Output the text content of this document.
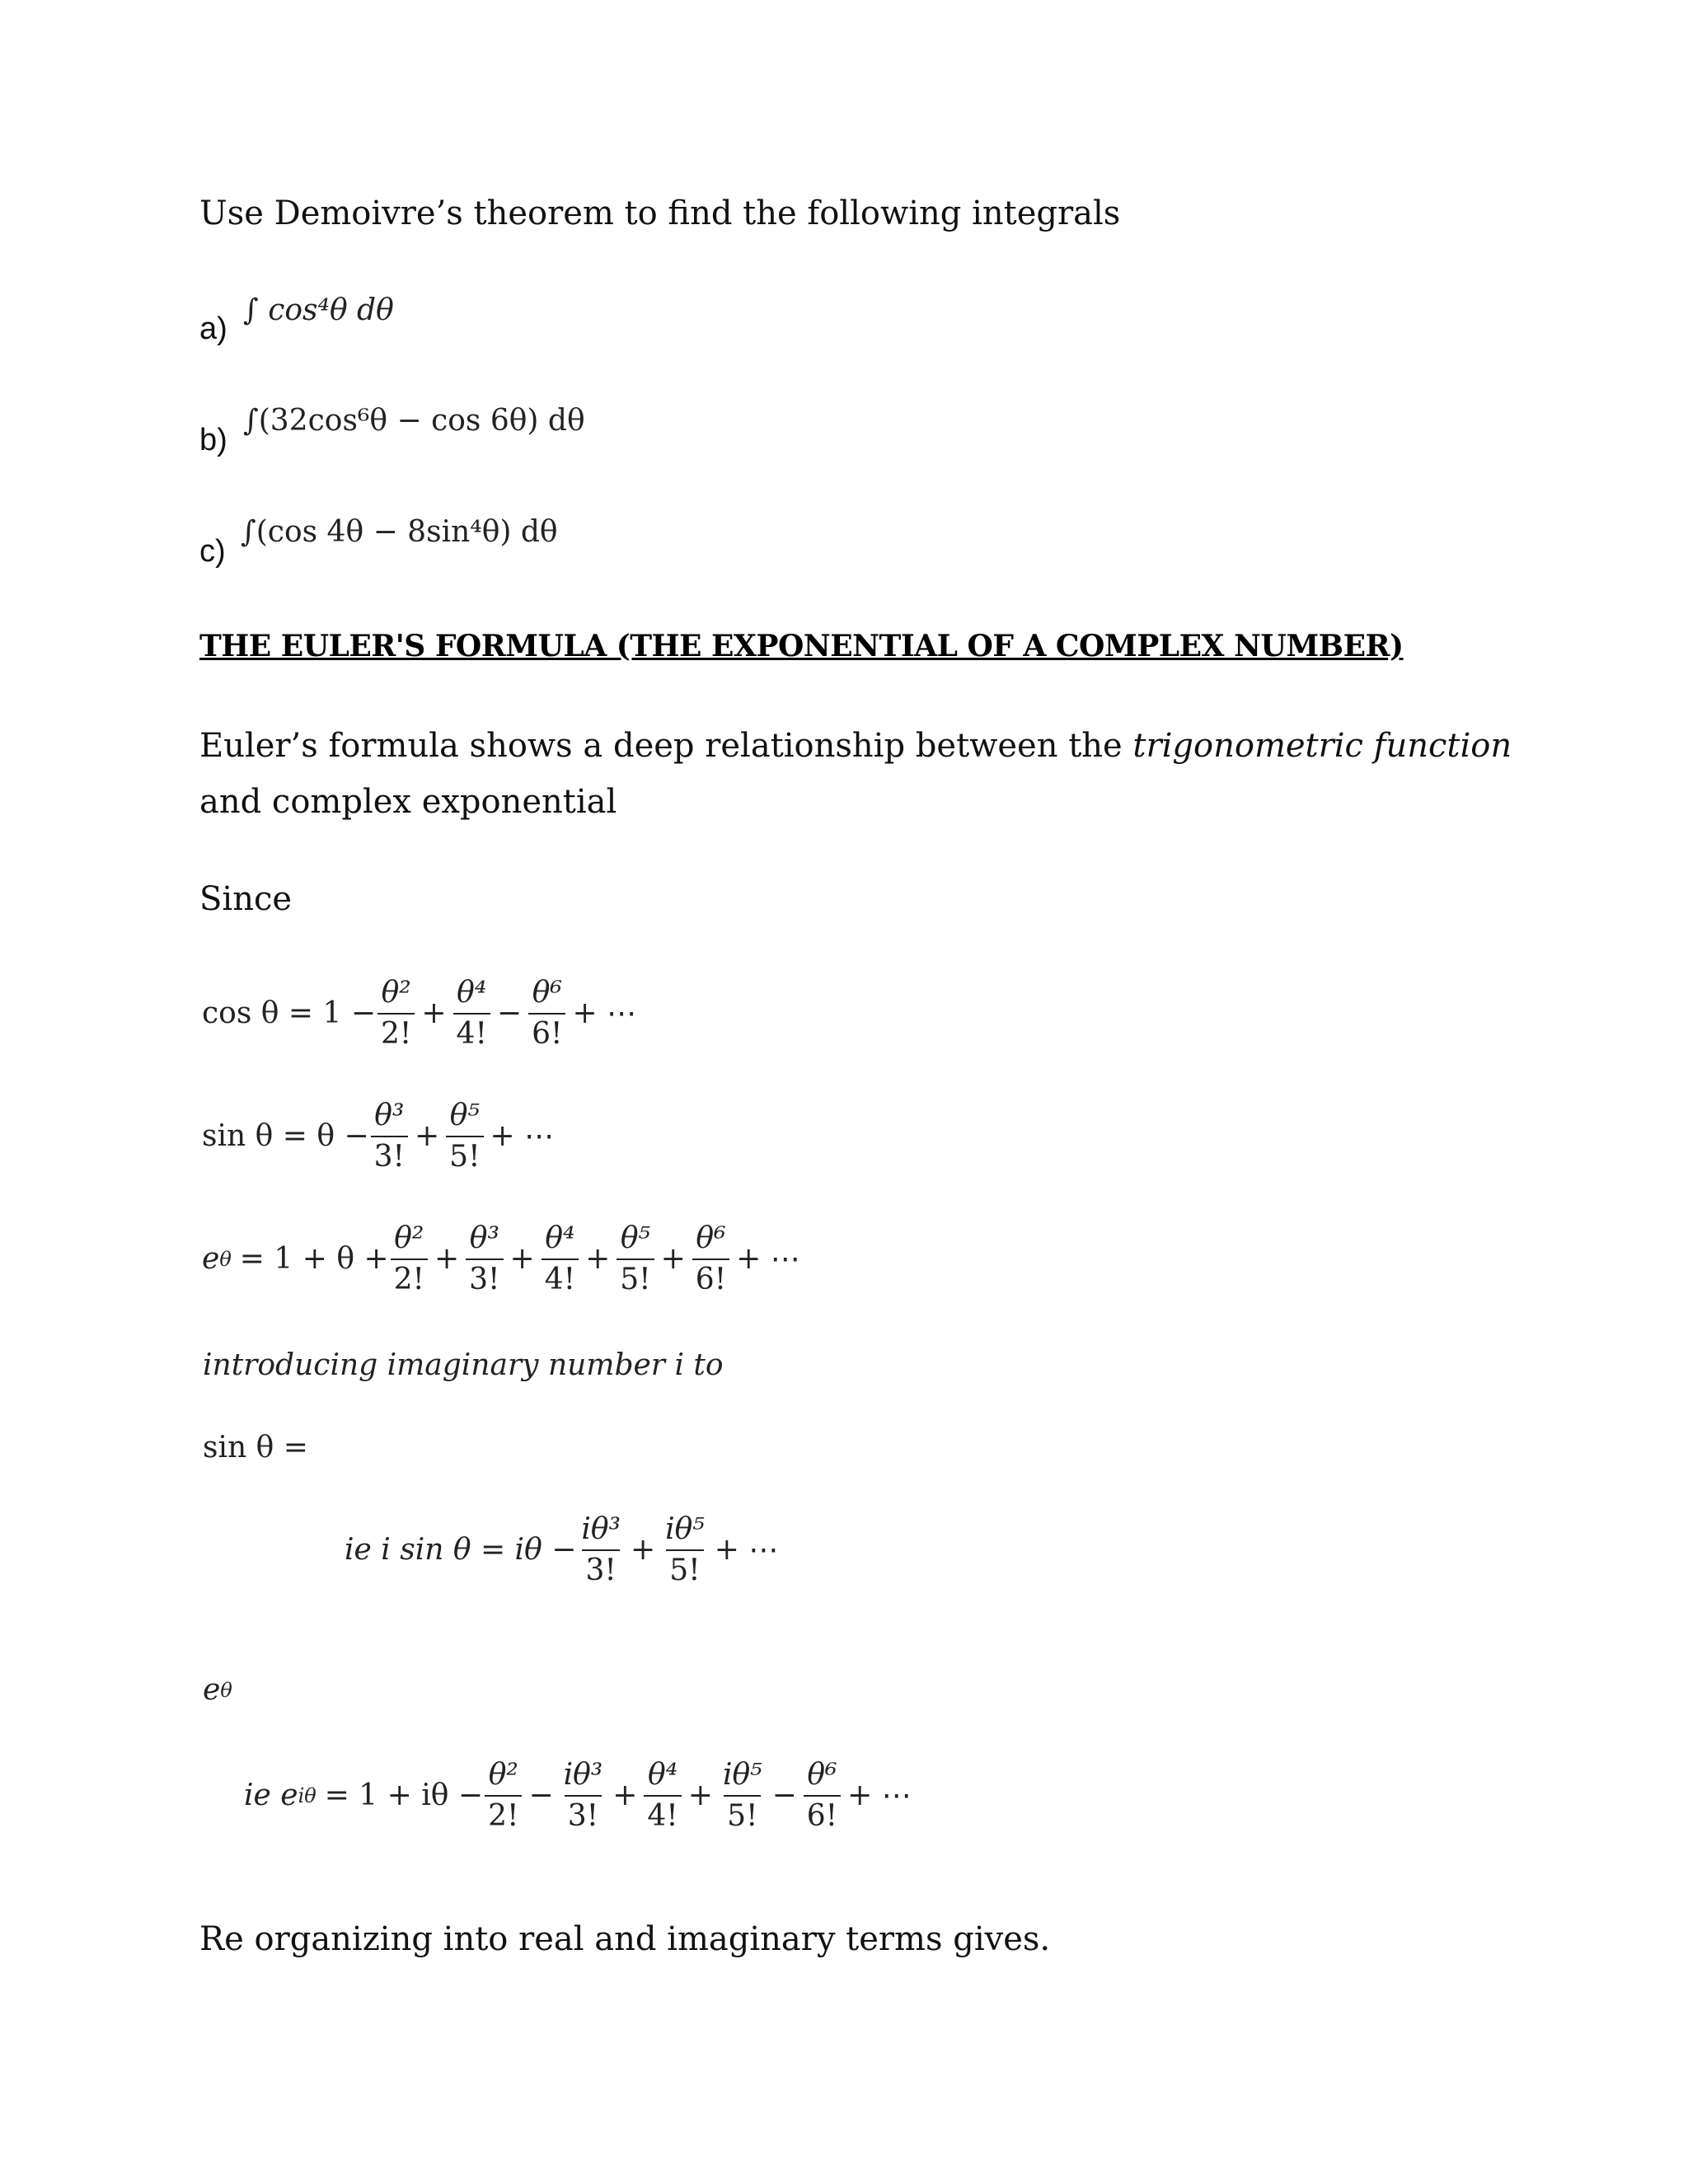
Use Demoivre’s theorem to find the following integrals
a)
∫ cos⁴θ dθ
b)
∫(32cos⁶θ − cos 6θ) dθ
c)
∫(cos 4θ − 8sin⁴θ) dθ
THE EULER'S FORMULA (THE EXPONENTIAL OF A COMPLEX NUMBER)
Euler’s formula shows a deep relationship between the trigonometric function
and complex exponential
Since
$\cos \theta = 1 - \frac{\text{θ²}}{2!} + \frac{\text{θ⁴}}{4!} - \frac{\text{θ⁶}}{6!}$ + ⋯
$\sin \theta = \theta - \frac{\text{θ³}}{3!} + \frac{\text{θ⁵}}{5!}$ + ⋯
e $\theta = 1 + \theta + \frac{\text{θ²}}{2!} + \frac{\text{θ³}}{3!} + \frac{\text{θ⁴}}{4!} + \frac{\text{θ⁵}}{5!} + \frac{\text{θ⁶}}{6!}$ + ⋯
introducing imaginary number i to
sin θ =
ie i $\sin \theta = i\theta - \frac{\text{iθ³}}{3!} + \frac{\text{iθ⁵}}{5!}$ + ⋯
e θ
ie e $i\theta = 1 + i\theta - \frac{\text{θ²}}{2!} - \frac{\text{iθ³}}{3!} + \frac{\text{θ⁴}}{4!} + \frac{\text{iθ⁵}}{5!} - \frac{\text{θ⁶}}{6!}$ + ⋯
Re organizing into real and imaginary terms gives.
